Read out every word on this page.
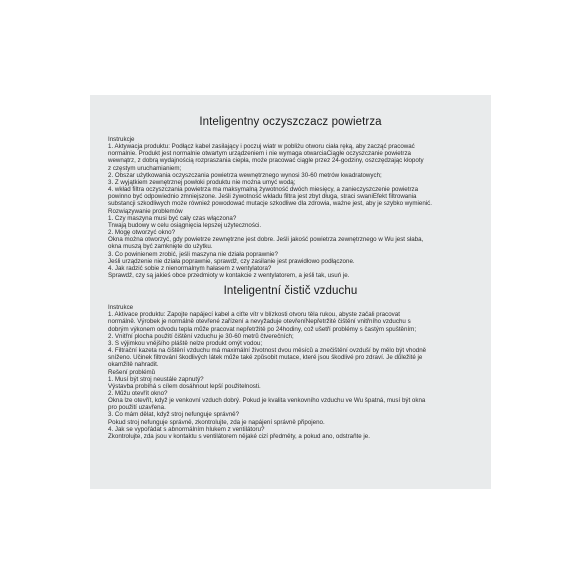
Inteligentny oczyszczacz powietrza
Instrukcje
1. Aktywacja produktu: Podłącz kabel zasilający i poczuj wiatr w pobliżu otworu ciała ręką, aby zacząć pracować
normalnie. Produkt jest normalnie otwartym urządzeniem i nie wymaga otwarciaCiągłe oczyszczanie powietrza
wewnątrz, z dobrą wydajnością rozpraszania ciepła, może pracować ciągle przez 24-godziny, oszczędzając kłopoty
z częstym uruchamianiem;
2. Obszar użytkowania oczyszczania powietrza wewnętrznego wynosi 30-60 metrów kwadratowych;
3. Z wyjątkiem zewnętrznej powłoki produktu nie można umyć wodą;
4. wkład filtra oczyszczania powietrza ma maksymalną żywotność dwóch miesięcy, a zanieczyszczenie powietrza
powinno być odpowiednio zmniejszone. Jeśli żywotność wkładu filtra jest zbyt długa, straci swaniEfekt filtrowania
substancji szkodliwych może również powodować mutacje szkodliwe dla zdrowia, ważne jest, aby je szybko wymienić.
Rozwiązywanie problemów
1. Czy maszyna musi być cały czas włączona?
Trwają budowy w celu osiągnięcia lepszej użyteczności.
2. Mogę otworzyć okno?
Okna można otworzyć, gdy powietrze zewnętrzne jest dobre. Jeśli jakość powietrza zewnętrznego w Wu jest słaba,
okna muszą być zamknięte do użytku.
3. Co powinienem zrobić, jeśli maszyna nie działa poprawnie?
Jeśli urządzenie nie działa poprawnie, sprawdź, czy zasilanie jest prawidłowo podłączone.
4. Jak radzić sobie z nienormalnym hałasem z wentylatora?
Sprawdź, czy są jakieś obce przedmioty w kontakcie z wentylatorem, a jeśli tak, usuń je.
Inteligentní čistič vzduchu
Instrukce
1. Aktivace produktu: Zapojte napájecí kabel a ciťte vítr v blízkosti otvoru těla rukou, abyste začali pracovat
normálně. Výrobek je normálně otevřené zařízení a nevyžaduje otevřeníNepřetržité čištění vnitřního vzduchu s
dobrým výkonem odvodu tepla může pracovat nepřetržitě po 24hodiny, což ušetří problémy s častým spuštěním;
2. Vnitřní plocha použití čištění vzduchu je 30-60 metrů čtverečních;
3. S výjimkou vnějšího pláště nelze produkt omýt vodou;
4. Filtrační kazeta na čištění vzduchu má maximální životnost dvou měsíců a znečištění ovzduší by mělo být vhodně
sníženo. Účinek filtrování škodlivých látek může také způsobit mutace, které jsou škodlivé pro zdraví. Je důležité je
okamžitě nahradit.
Řešení problémů
1. Musí být stroj neustále zapnutý?
Výstavba probíhá s cílem dosáhnout lepší použitelnosti.
2. Můžu otevřít okno?
Okna lze otevřít, když je venkovní vzduch dobrý. Pokud je kvalita venkovního vzduchu ve Wu špatná, musí být okna
pro použití uzavřena.
3. Co mám dělat, když stroj nefunguje správně?
Pokud stroj nefunguje správně, zkontrolujte, zda je napájení správně připojeno.
4. Jak se vypořádat s abnormálním hlukem z ventilátoru?
Zkontrolujte, zda jsou v kontaktu s ventilátorem nějaké cizí předměty, a pokud ano, odstraňte je.
